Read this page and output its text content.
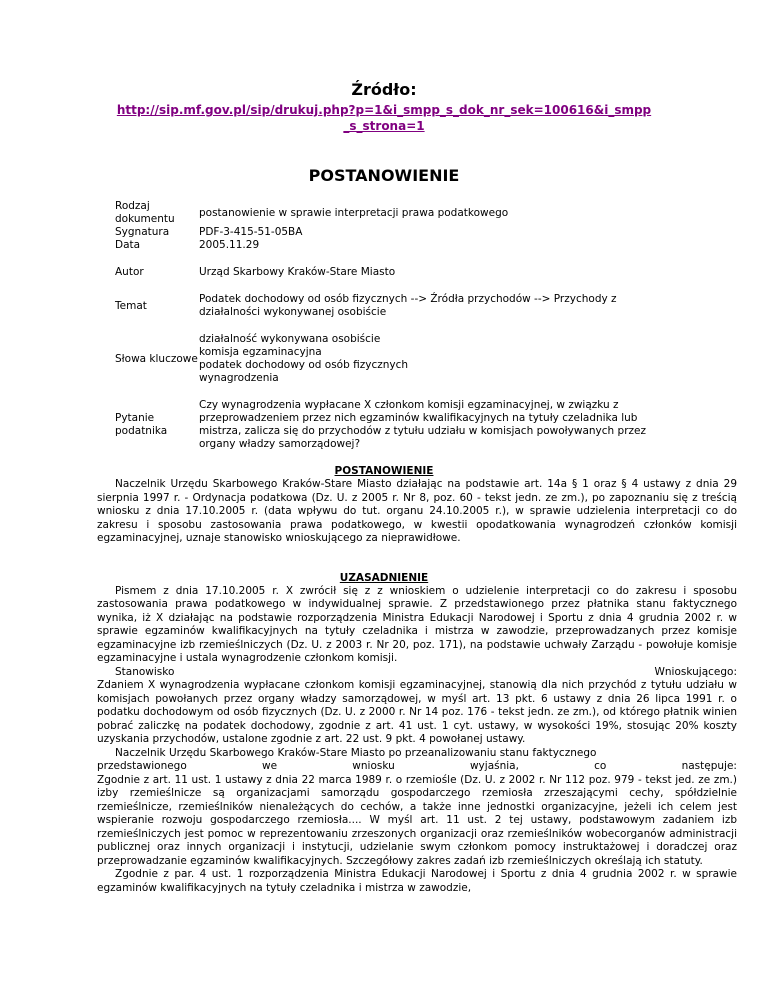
Źródło:
http://sip.mf.gov.pl/sip/drukuj.php?p=1&i_smpp_s_dok_nr_sek=100616&i_smpp_s_strona=1
POSTANOWIENIE
Rodzaj
dokumentu	postanowienie w sprawie interpretacji prawa podatkowego
Sygnatura	PDF-3-415-51-05BA
Data	2005.11.29

Autor	Urząd Skarbowy Kraków-Stare Miasto

Temat	Podatek dochodowy od osób fizycznych --> Źródła przychodów --> Przychody z działalności wykonywanej osobiście

Słowa kluczowe	działalność wykonywana osobiście
komisja egzaminacyjna
podatek dochodowy od osób fizycznych
wynagrodzenia

Pytanie podatnika	Czy wynagrodzenia wypłacane X członkom komisji egzaminacyjnej, w związku z przeprowadzeniem przez nich egzaminów kwalifikacyjnych na tytuły czeladnika lub mistrza, zalicza się do przychodów z tytułu udziału w komisjach powoływanych przez organy władzy samorządowej?
POSTANOWIENIE

Naczelnik Urzędu Skarbowego Kraków-Stare Miasto działając na podstawie art. 14a § 1 oraz § 4 ustawy z dnia 29 sierpnia 1997 r. - Ordynacja podatkowa (Dz. U. z 2005 r. Nr 8, poz. 60 - tekst jedn. ze zm.), po zapoznaniu się z treścią wniosku z dnia 17.10.2005 r. (data wpływu do tut. organu 24.10.2005 r.), w sprawie udzielenia interpretacji co do zakresu i sposobu zastosowania prawa podatkowego, w kwestii opodatkowania wynagrodzeń członków komisji egzaminacyjnej, uznaje stanowisko wnioskującego za nieprawidłowe.

UZASADNIENIE

Pismem z dnia 17.10.2005 r. X zwrócił się z z wnioskiem o udzielenie interpretacji co do zakresu i sposobu zastosowania prawa podatkowego w indywidualnej sprawie. Z przedstawionego przez płatnika stanu faktycznego wynika, iż X działając na podstawie rozporządzenia Ministra Edukacji Narodowej i Sportu z dnia 4 grudnia 2002 r. w sprawie egzaminów kwalifikacyjnych na tytuły czeladnika i mistrza w zawodzie, przeprowadzanych przez komisje egzaminacyjne izb rzemieślniczych (Dz. U. z 2003 r. Nr 20, poz. 171), na podstawie uchwały Zarządu - powołuje komisje egzaminacyjne i ustala wynagrodzenie członkom komisji.

Stanowisko	Wnioskującego:

Zdaniem X wynagrodzenia wypłacane członkom komisji egzaminacyjnej, stanowią dla nich przychód z tytułu udziału w komisjach powołanych przez organy władzy samorządowej, w myśl art. 13 pkt. 6 ustawy z dnia 26 lipca 1991 r. o podatku dochodowym od osób fizycznych (Dz. U. z 2000 r. Nr 14 poz. 176 - tekst jedn. ze zm.), od którego płatnik winien pobrać zaliczkę na podatek dochodowy, zgodnie z art. 41 ust. 1 cyt. ustawy, w wysokości 19%, stosując 20% koszty uzyskania przychodów, ustalone zgodnie z art. 22 ust. 9 pkt. 4 powołanej ustawy.

Naczelnik Urzędu Skarbowego Kraków-Stare Miasto po przeanalizowaniu stanu faktycznego

przedstawionego	we	wniosku	wyjaśnia,	co	następuje:

Zgodnie z art. 11 ust. 1 ustawy z dnia 22 marca 1989 r. o rzemiośle (Dz. U. z 2002 r. Nr 112 poz. 979 - tekst jed. ze zm.) izby rzemieślnicze są organizacjami samorządu gospodarczego rzemiosła zrzeszającymi cechy, spółdzielnie rzemieślnicze, rzemieślników nienależących do cechów, a także inne jednostki organizacyjne, jeżeli ich celem jest wspieranie rozwoju gospodarczego rzemiosła.... W myśl art. 11 ust. 2 tej ustawy, podstawowym zadaniem izb rzemieślniczych jest pomoc w reprezentowaniu zrzeszonych organizacji oraz rzemieślników wobecorganów administracji publicznej oraz innych organizacji i instytucji, udzielanie swym członkom pomocy instruktażowej i doradczej oraz przeprowadzanie egzaminów kwalifikacyjnych. Szczegółowy zakres zadań izb rzemieślniczych określają ich statuty.

Zgodnie z par. 4 ust. 1 rozporządzenia Ministra Edukacji Narodowej i Sportu z dnia 4 grudnia 2002 r. w sprawie egzaminów kwalifikacyjnych na tytuły czeladnika i mistrza w zawodzie,
